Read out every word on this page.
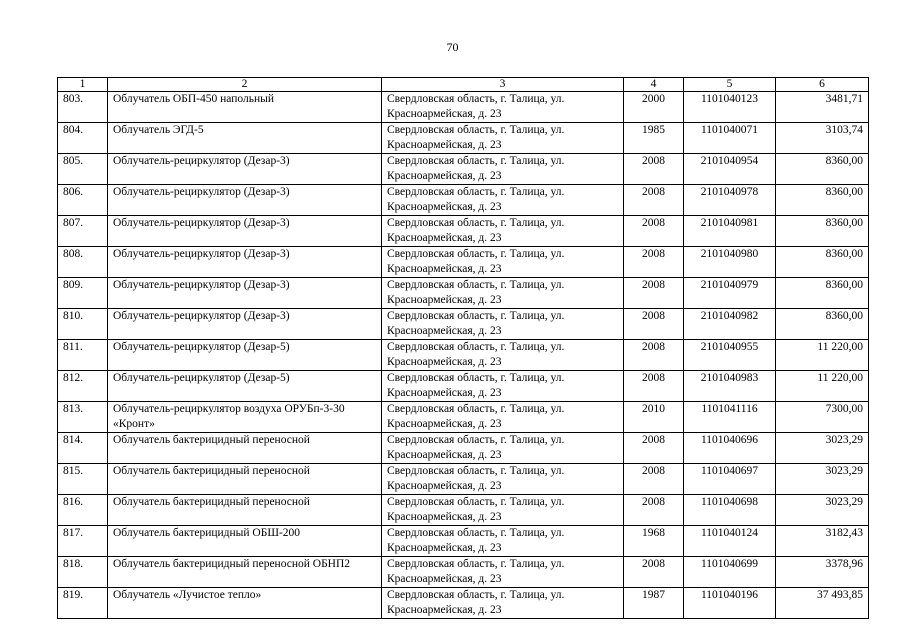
70
1	2	3	4	5	6
803.	Облучатель ОБП-450 напольный	Свердловская область, г. Талица, ул. Красноармейская, д. 23	2000	1101040123	3481,71
804.	Облучатель ЭГД-5	Свердловская область, г. Талица, ул. Красноармейская, д. 23	1985	1101040071	3103,74
805.	Облучатель-рециркулятор (Дезар-3)	Свердловская область, г. Талица, ул. Красноармейская, д. 23	2008	2101040954	8360,00
806.	Облучатель-рециркулятор (Дезар-3)	Свердловская область, г. Талица, ул. Красноармейская, д. 23	2008	2101040978	8360,00
807.	Облучатель-рециркулятор (Дезар-3)	Свердловская область, г. Талица, ул. Красноармейская, д. 23	2008	2101040981	8360,00
808.	Облучатель-рециркулятор (Дезар-3)	Свердловская область, г. Талица, ул. Красноармейская, д. 23	2008	2101040980	8360,00
809.	Облучатель-рециркулятор (Дезар-3)	Свердловская область, г. Талица, ул. Красноармейская, д. 23	2008	2101040979	8360,00
810.	Облучатель-рециркулятор (Дезар-3)	Свердловская область, г. Талица, ул. Красноармейская, д. 23	2008	2101040982	8360,00
811.	Облучатель-рециркулятор (Дезар-5)	Свердловская область, г. Талица, ул. Красноармейская, д. 23	2008	2101040955	11 220,00
812.	Облучатель-рециркулятор (Дезар-5)	Свердловская область, г. Талица, ул. Красноармейская, д. 23	2008	2101040983	11 220,00
813.	Облучатель-рециркулятор воздуха ОРУБп-3-30 «Кронт»	Свердловская область, г. Талица, ул. Красноармейская, д. 23	2010	1101041116	7300,00
814.	Облучатель бактерицидный переносной	Свердловская область, г. Талица, ул. Красноармейская, д. 23	2008	1101040696	3023,29
815.	Облучатель бактерицидный переносной	Свердловская область, г. Талица, ул. Красноармейская, д. 23	2008	1101040697	3023,29
816.	Облучатель бактерицидный переносной	Свердловская область, г. Талица, ул. Красноармейская, д. 23	2008	1101040698	3023,29
817.	Облучатель бактерицидный ОБШ-200	Свердловская область, г. Талица, ул. Красноармейская, д. 23	1968	1101040124	3182,43
818.	Облучатель бактерицидный переносной ОБНП2	Свердловская область, г. Талица, ул. Красноармейская, д. 23	2008	1101040699	3378,96
819.	Облучатель «Лучистое тепло»	Свердловская область, г. Талица, ул. Красноармейская, д. 23	1987	1101040196	37 493,85
